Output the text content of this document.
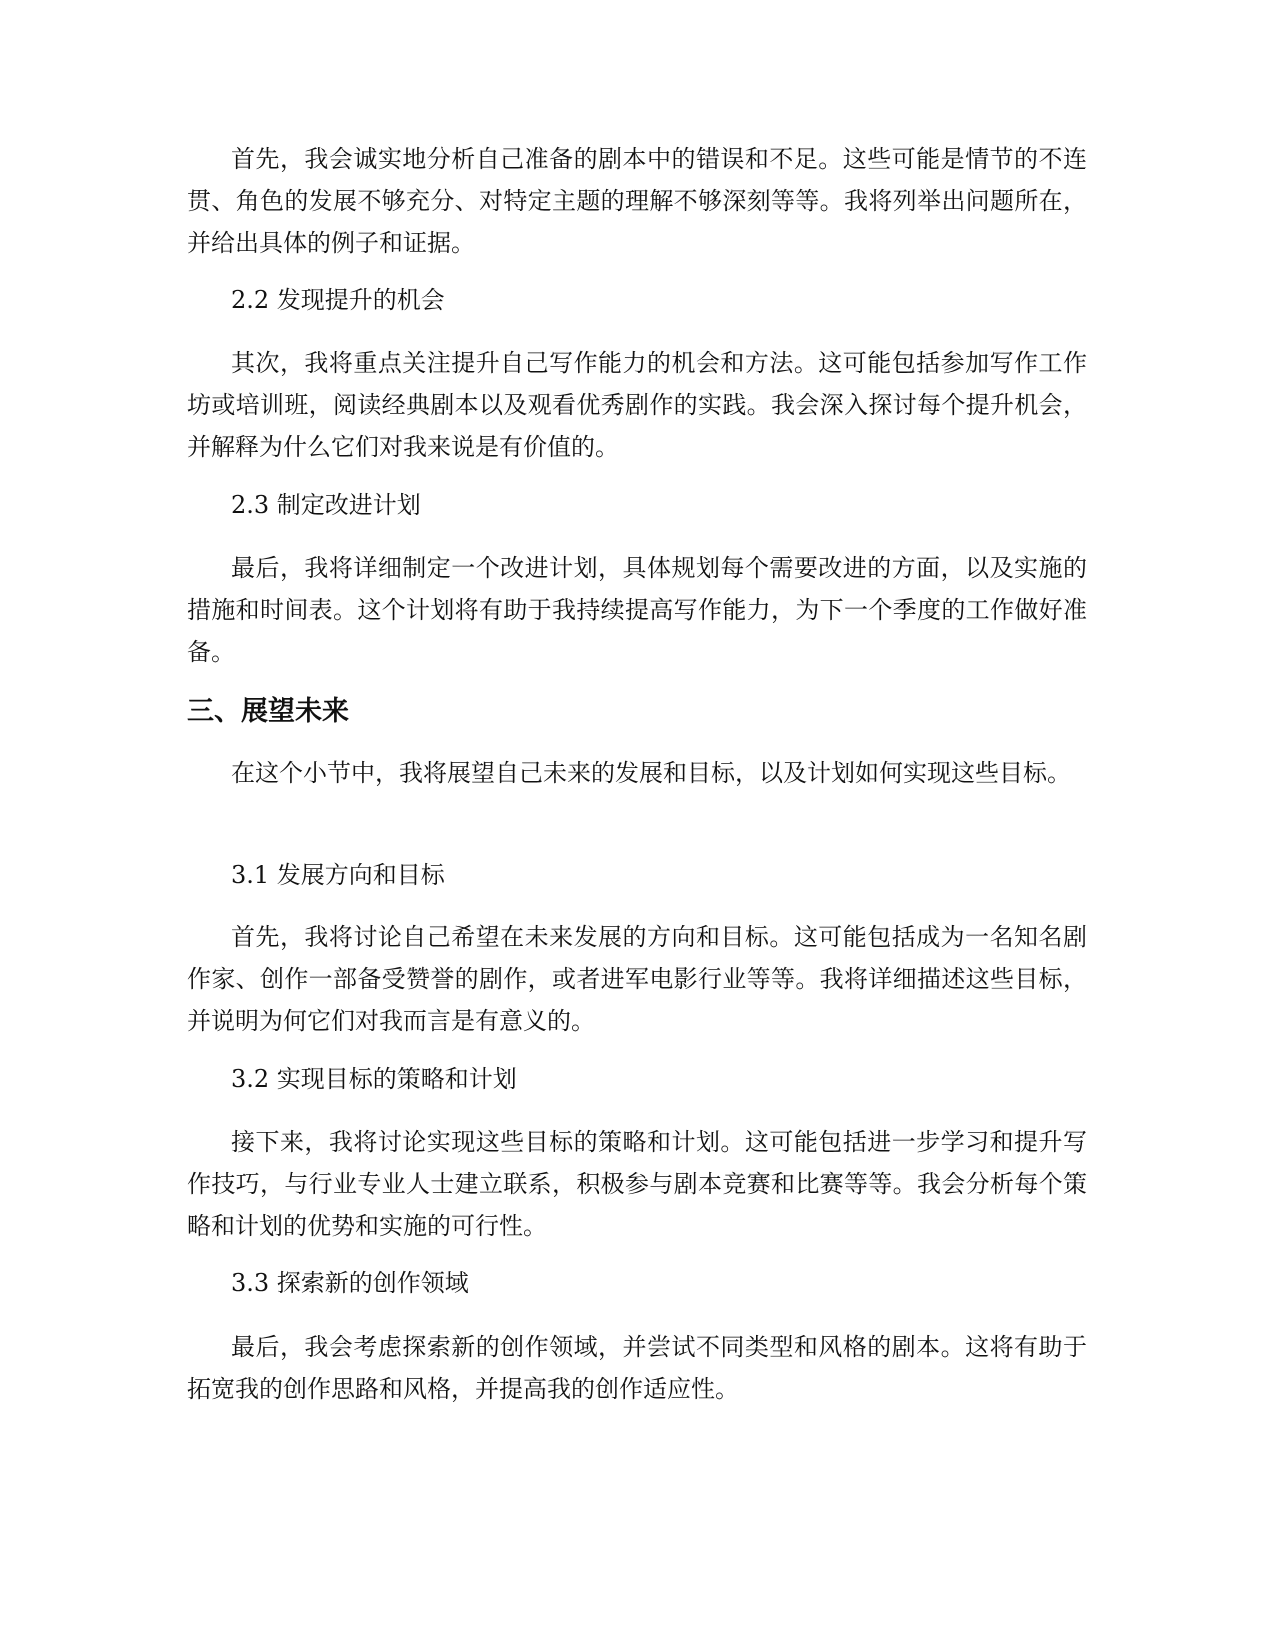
首先，我会诚实地分析自己准备的剧本中的错误和不足。这些可能是情节的不连贯、角色的发展不够充分、对特定主题的理解不够深刻等等。我将列举出问题所在，并给出具体的例子和证据。

2.2 发现提升的机会

其次，我将重点关注提升自己写作能力的机会和方法。这可能包括参加写作工作坊或培训班，阅读经典剧本以及观看优秀剧作的实践。我会深入探讨每个提升机会，并解释为什么它们对我来说是有价值的。

2.3 制定改进计划

最后，我将详细制定一个改进计划，具体规划每个需要改进的方面，以及实施的措施和时间表。这个计划将有助于我持续提高写作能力，为下一个季度的工作做好准备。

三、展望未来

在这个小节中，我将展望自己未来的发展和目标，以及计划如何实现这些目标。

3.1 发展方向和目标

首先，我将讨论自己希望在未来发展的方向和目标。这可能包括成为一名知名剧作家、创作一部备受赞誉的剧作，或者进军电影行业等等。我将详细描述这些目标，并说明为何它们对我而言是有意义的。

3.2 实现目标的策略和计划

接下来，我将讨论实现这些目标的策略和计划。这可能包括进一步学习和提升写作技巧，与行业专业人士建立联系，积极参与剧本竞赛和比赛等等。我会分析每个策略和计划的优势和实施的可行性。

3.3 探索新的创作领域

最后，我会考虑探索新的创作领域，并尝试不同类型和风格的剧本。这将有助于拓宽我的创作思路和风格，并提高我的创作适应性。
